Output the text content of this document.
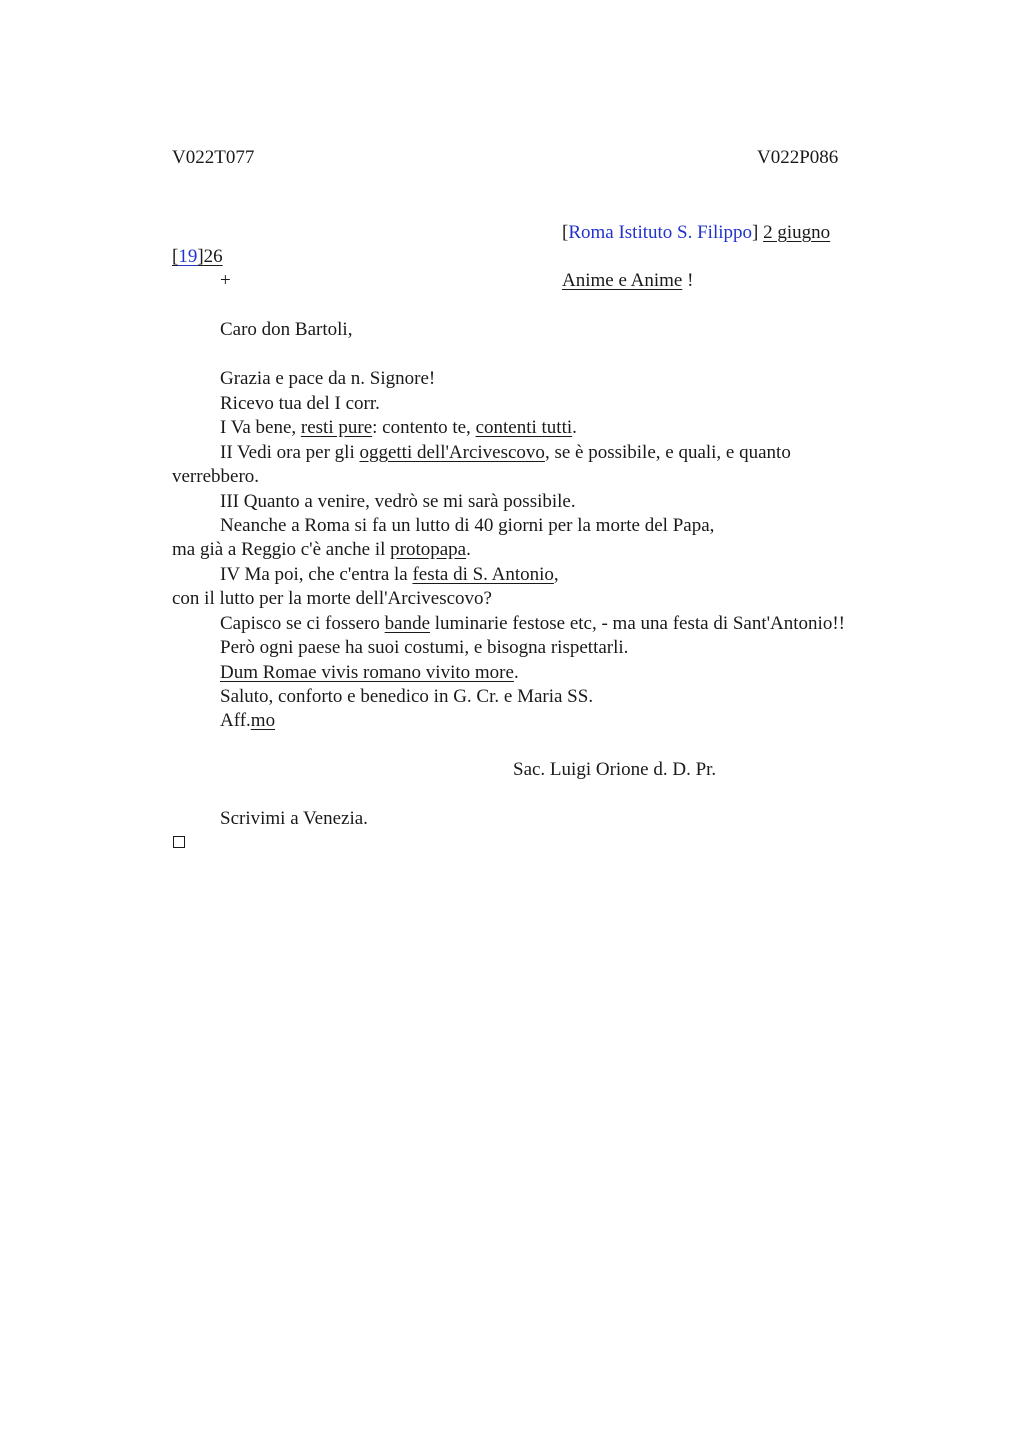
V022T077	V022P086
[Roma Istituto S. Filippo] 2 giugno
[19]26
+	Anime e Anime !
Caro don Bartoli,
Grazia e pace da n. Signore!
Ricevo tua del I corr.
I Va bene, resti pure: contento te, contenti tutti.
II Vedi ora per gli oggetti dell'Arcivescovo, se è possibile, e quali, e quanto
verrebbero.
III Quanto a venire, vedrò se mi sarà possibile.
Neanche a Roma si fa un lutto di 40 giorni per la morte del Papa,
ma già a Reggio c'è anche il protopapa.
IV Ma poi, che c'entra la festa di S. Antonio,
con il lutto per la morte dell'Arcivescovo?
Capisco se ci fossero bande luminarie festose etc, - ma una festa di Sant'Antonio!!
Però ogni paese ha suoi costumi, e bisogna rispettarli.
Dum Romae vivis romano vivito more.
Saluto, conforto e benedico in G. Cr. e Maria SS.
Aff.mo
Sac. Luigi Orione d. D. Pr.
Scrivimi a Venezia.
